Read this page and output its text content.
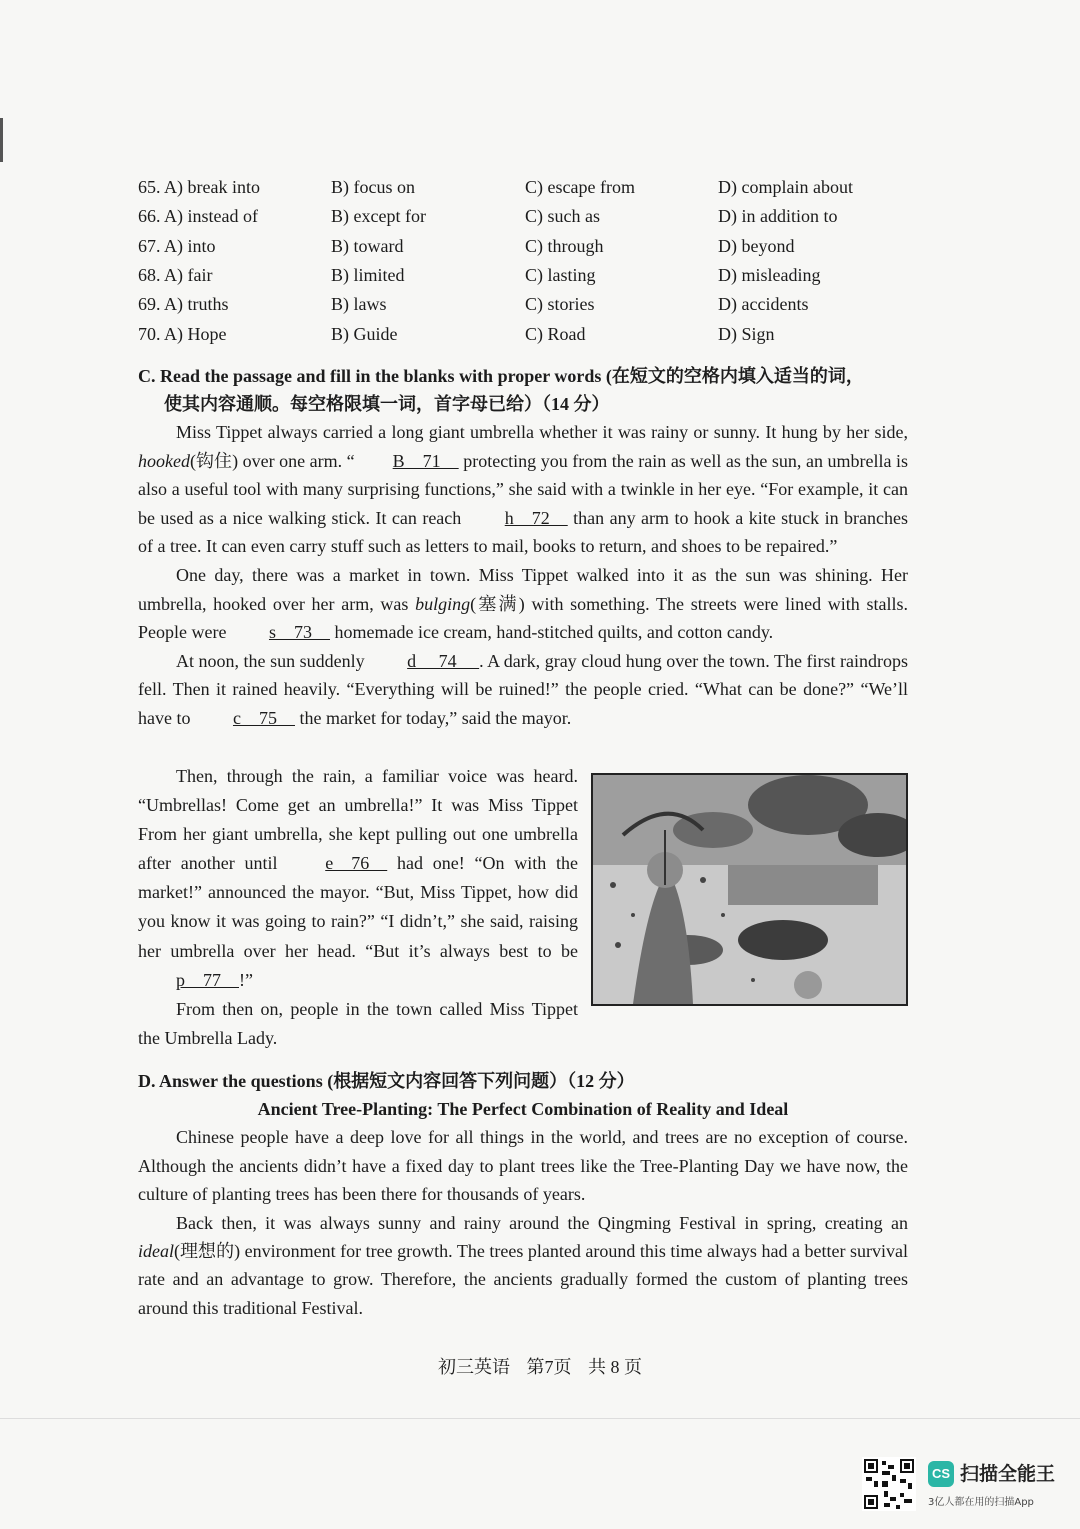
65. A) break into	B) focus on	C) escape from	D) complain about
66. A) instead of	B) except for	C) such as	D) in addition to
67. A) into	B) toward	C) through	D) beyond
68. A) fair	B) limited	C) lasting	D) misleading
69. A) truths	B) laws	C) stories	D) accidents
70. A) Hope	B) Guide	C) Road	D) Sign
C. Read the passage and fill in the blanks with proper words (在短文的空格内填入适当的词，
使其内容通顺。每空格限填一词，首字母已给）（14 分）

Miss Tippet always carried a long giant umbrella whether it was rainy or sunny. It hung by her side, hooked(钩住) over one arm. “ B    71     protecting you from the rain as well as the sun, an umbrella is also a useful tool with many surprising functions,” she said with a twinkle in her eye. “For example, it can be used as a nice walking stick. It can reach h    72     than any arm to hook a kite stuck in branches of a tree. It can even carry stuff such as letters to mail, books to return, and shoes to be repaired.”

One day, there was a market in town. Miss Tippet walked into it as the sun was shining. Her umbrella, hooked over her arm, was bulging(塞满) with something. The streets were lined with stalls. People were s    73     homemade ice cream, hand-stitched quilts, and cotton candy.

At noon, the sun suddenly d     74     . A dark, gray cloud hung over the town. The first raindrops fell. Then it rained heavily. “Everything will be ruined!” the people cried. “What can be done?” “We’ll have to c    75     the market for today,” said the mayor.

Then, through the rain, a familiar voice was heard. “Umbrellas! Come get an umbrella!” It was Miss Tippet From her giant umbrella, she kept pulling out one umbrella after another until e    76     had one! “On with the market!” announced the mayor. “But, Miss Tippet, how did you know it was going to rain?” “I didn’t,” she said, raising her umbrella over her head. “But it’s always best to be p    77    !”

From then on, people in the town called Miss Tippet the Umbrella Lady.

D. Answer the questions (根据短文内容回答下列问题）（12 分）
Ancient Tree-Planting: The Perfect Combination of Reality and Ideal

Chinese people have a deep love for all things in the world, and trees are no exception of course. Although the ancients didn’t have a fixed day to plant trees like the Tree-Planting Day we have now, the culture of planting trees has been there for thousands of years.

Back then, it was always sunny and rainy around the Qingming Festival in spring, creating an ideal(理想的) environment for tree growth. The trees planted around this time always had a better survival rate and an advantage to grow. Therefore, the ancients gradually formed the custom of planting trees around this traditional Festival.

初三英语 第7页 共 8 页
CS 扫描全能王
3亿人都在用的扫描App
